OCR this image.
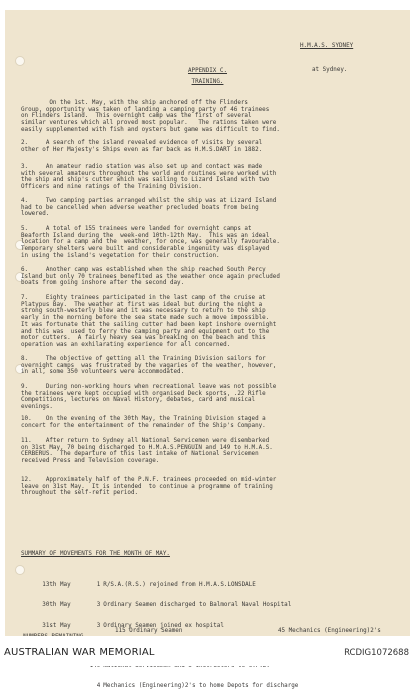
H.M.A.S. SYDNEY

at Sydney.

APPENDIX C.
TRAINING.
On the 1st. May, with the ship anchored off the Flinders
Group, opportunity was taken of landing a camping party of 46 trainees
on Flinders Island.  This overnight camp was the first of several
similar ventures which all proved most popular.   The rations taken were
easily supplemented with fish and oysters but game was difficult to find.
2.     A search of the island revealed evidence of visits by several
other of Her Majesty's Ships even as far back as H.M.S.DART in 1882.
3.     An amateur radio station was also set up and contact was made
with several amateurs throughout the world and routines were worked with
the ship and ship's cutter which was sailing to Lizard Island with two
Officers and nine ratings of the Training Division.
4.     Two camping parties arranged whilst the ship was at Lizard Island
had to be cancelled when adverse weather precluded boats from being
lowered.
5.     A total of 155 trainees were landed for overnight camps at
Beaforth Island during the  week-end 10th-12th May.  This was an ideal
location for a camp and the  weather, for once, was generally favourable.
Temporary shelters were built and considerable ingenuity was displayed
in using the island's vegetation for their construction.
6.     Another camp was established when the ship reached South Percy
Island but only 70 trainees benefited as the weather once again precluded
boats from going inshore after the second day.
7.     Eighty trainees participated in the last camp of the cruise at
Platypus Bay.  The weather at first was ideal but during the night a
strong south-westerly blew and it was necessary to return to the ship
early in the morning before the sea state made such a move impossible.
It was fortunate that the sailing cutter had been kept inshore overnight
and this was  used to ferry the camping party and equipment out to the
motor cutters.  A fairly heavy sea was breaking on the beach and this
operation was an exhilarating experience for all concerned.
8.     The objective of getting all the Training Division sailors for
overnight camps  was frustrated by the vagaries of the weather, however,
in all, some 350 volunteers were accommodated.
9.     During non-working hours when recreational leave was not possible
the trainees were kept occupied with organised Deck sports, .22 Rifle
Competitions, lectures on Naval History, debates, card and musical
evenings.
10.    On the evening of the 30th May, the Training Division staged a
concert for the entertainment of the remainder of the Ship's Company.
11.    After return to Sydney all National Servicemen were disembarked
on 31st May, 70 being discharged to H.M.A.S.PENGUIN and 149 to H.M.A.S.
CERBERUS.  The departure of this last intake of National Servicemen
received Press and Television coverage.
12.    Approximately half of the P.N.F. trainees proceeded on mid-winter
leave on 31st May.  It is intended  to continue a programme of training
throughout the self-refit period.
SUMMARY OF MOVEMENTS FOR THE MONTH OF MAY.

13th May	1 R/S.A.(R.S.) rejoined from H.M.A.S.LONSDALE

30th May	3 Ordinary Seamen discharged to Balmoral Naval Hospital

31st May	3 Ordinary Seamen joined ex hospital

4 Mechanics (Engineering)2's to home Depots for discharge

115 Ordinary Seamen

	45 Mechanics (Engineering)2's

AUSTRALIAN WAR MEMORIAL	RCDIG1072688
